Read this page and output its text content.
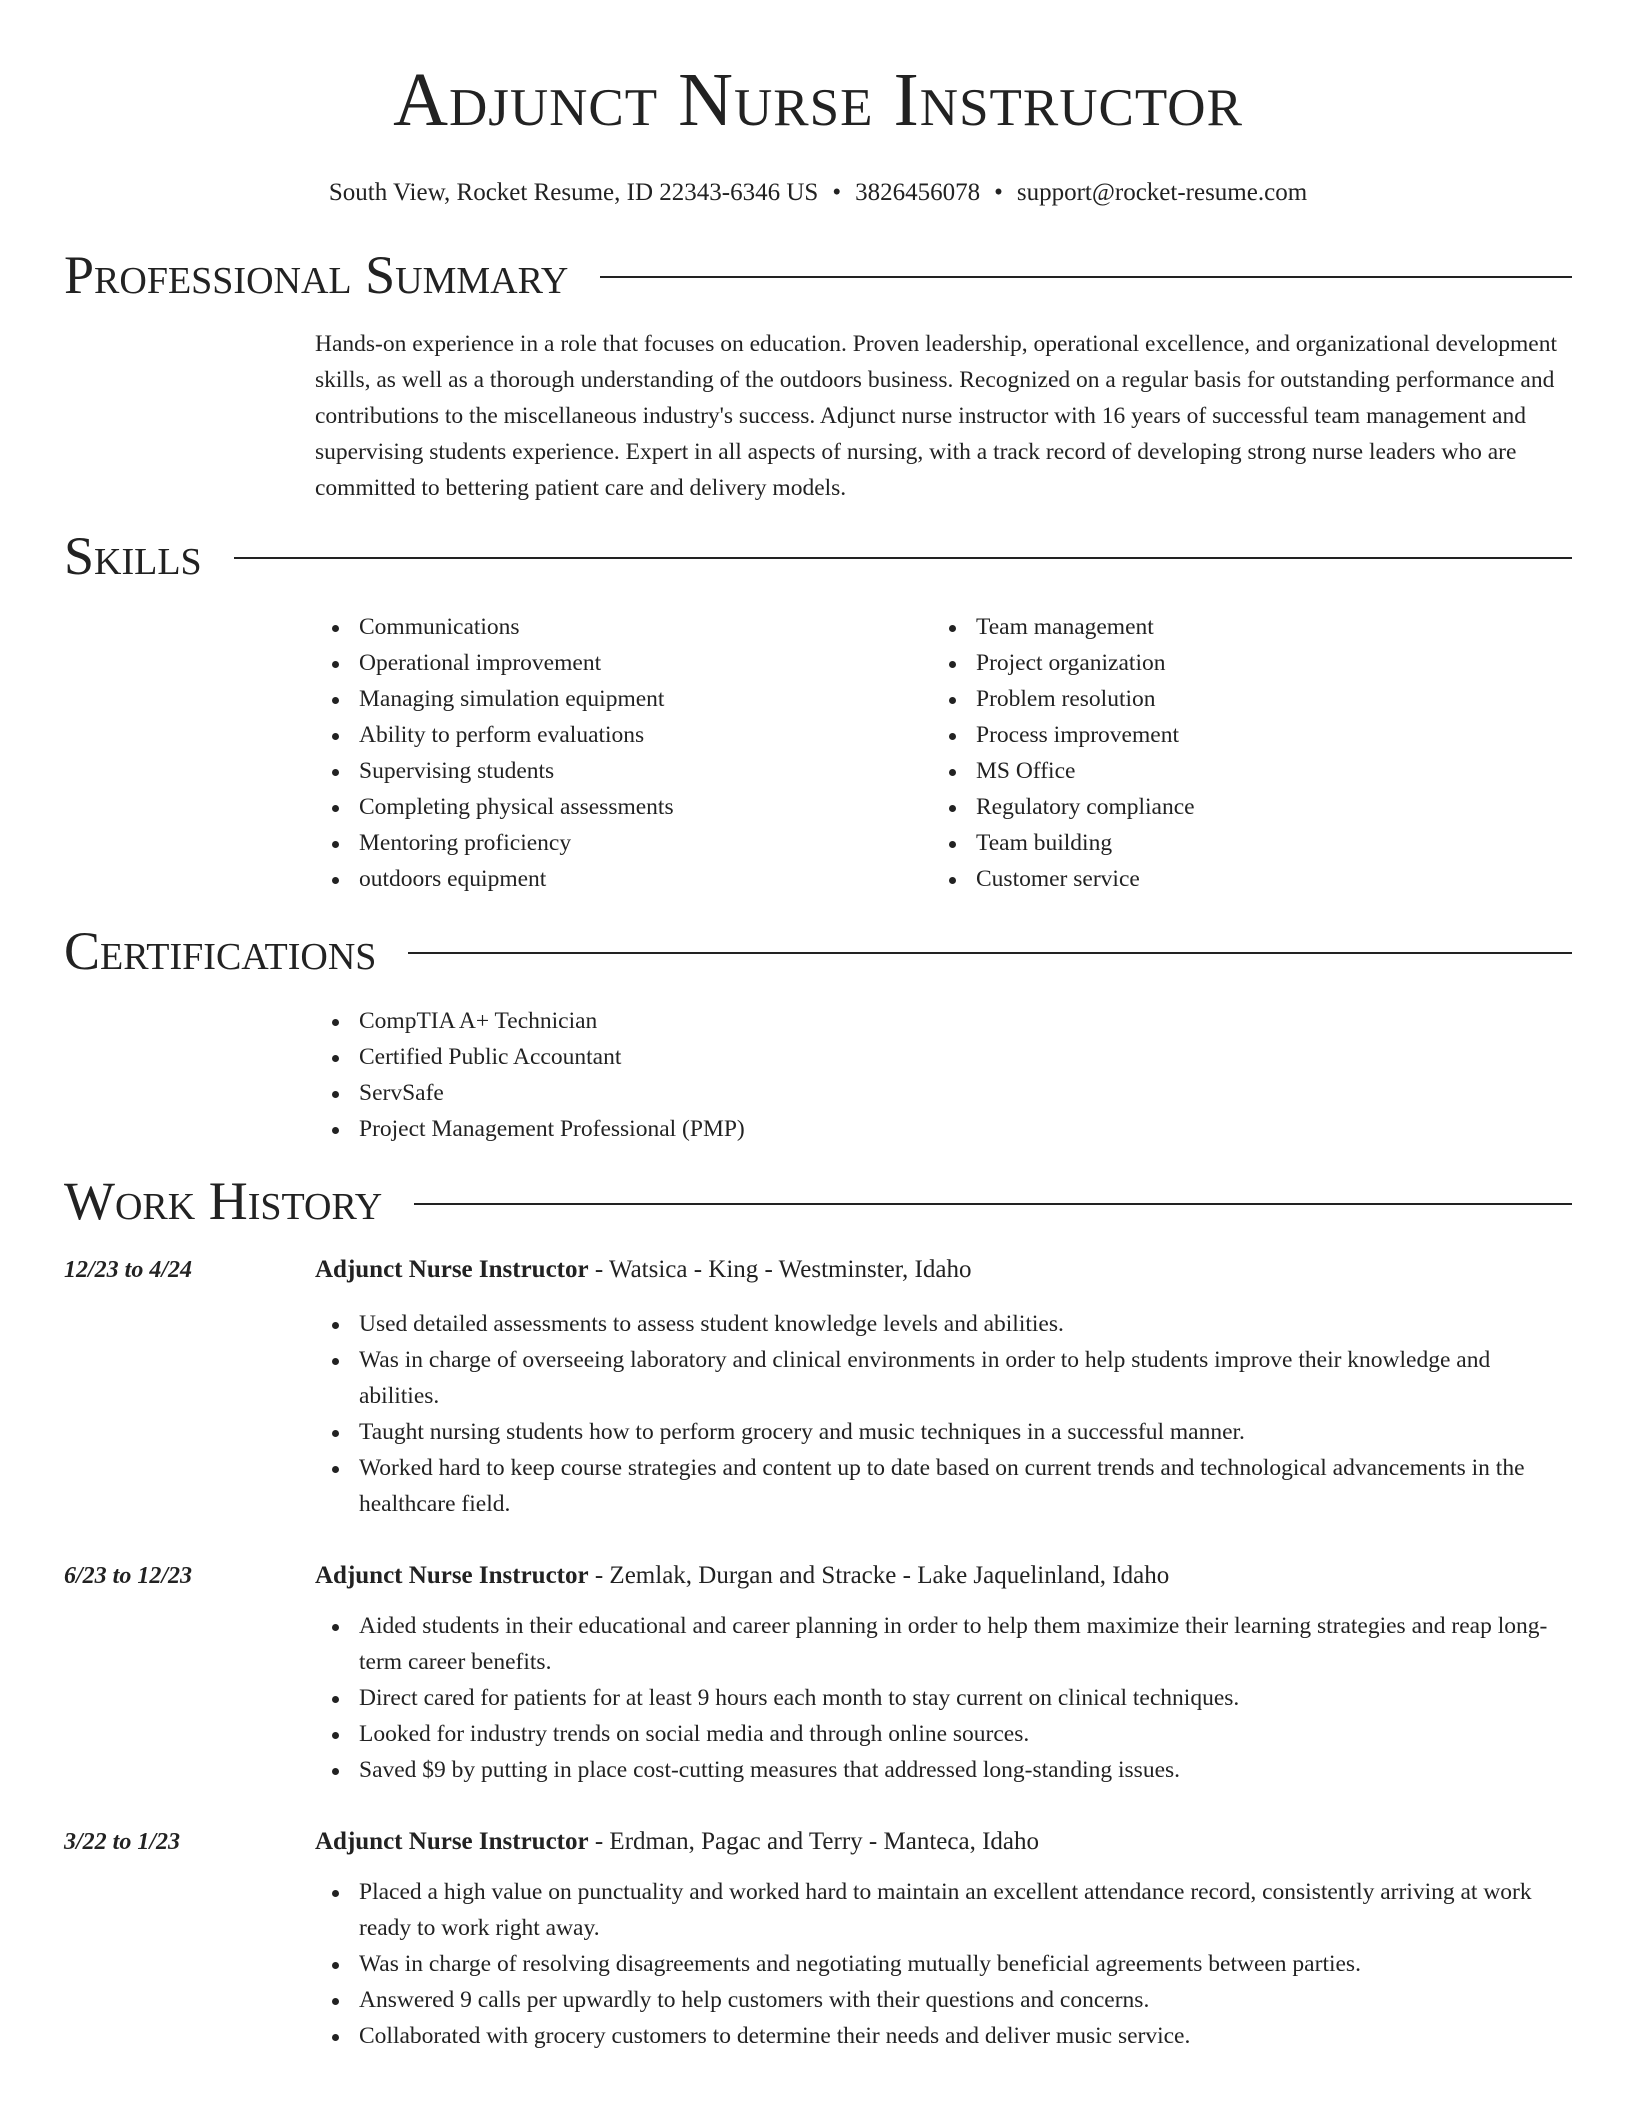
Adjunct Nurse Instructor
South View, Rocket Resume, ID 22343-6346 US • 3826456078 • support@rocket-resume.com
Professional Summary
Hands-on experience in a role that focuses on education. Proven leadership, operational excellence, and organizational development skills, as well as a thorough understanding of the outdoors business. Recognized on a regular basis for outstanding performance and contributions to the miscellaneous industry's success. Adjunct nurse instructor with 16 years of successful team management and supervising students experience. Expert in all aspects of nursing, with a track record of developing strong nurse leaders who are committed to bettering patient care and delivery models.
Skills
Communications
Operational improvement
Managing simulation equipment
Ability to perform evaluations
Supervising students
Completing physical assessments
Mentoring proficiency
outdoors equipment
Team management
Project organization
Problem resolution
Process improvement
MS Office
Regulatory compliance
Team building
Customer service
Certifications
CompTIA A+ Technician
Certified Public Accountant
ServSafe
Project Management Professional (PMP)
Work History
12/23 to 4/24	Adjunct Nurse Instructor - Watsica - King - Westminster, Idaho
Used detailed assessments to assess student knowledge levels and abilities.
Was in charge of overseeing laboratory and clinical environments in order to help students improve their knowledge and abilities.
Taught nursing students how to perform grocery and music techniques in a successful manner.
Worked hard to keep course strategies and content up to date based on current trends and technological advancements in the healthcare field.
6/23 to 12/23	Adjunct Nurse Instructor - Zemlak, Durgan and Stracke - Lake Jaquelinland, Idaho
Aided students in their educational and career planning in order to help them maximize their learning strategies and reap long-term career benefits.
Direct cared for patients for at least 9 hours each month to stay current on clinical techniques.
Looked for industry trends on social media and through online sources.
Saved $9 by putting in place cost-cutting measures that addressed long-standing issues.
3/22 to 1/23	Adjunct Nurse Instructor - Erdman, Pagac and Terry - Manteca, Idaho
Placed a high value on punctuality and worked hard to maintain an excellent attendance record, consistently arriving at work ready to work right away.
Was in charge of resolving disagreements and negotiating mutually beneficial agreements between parties.
Answered 9 calls per upwardly to help customers with their questions and concerns.
Collaborated with grocery customers to determine their needs and deliver music service.
